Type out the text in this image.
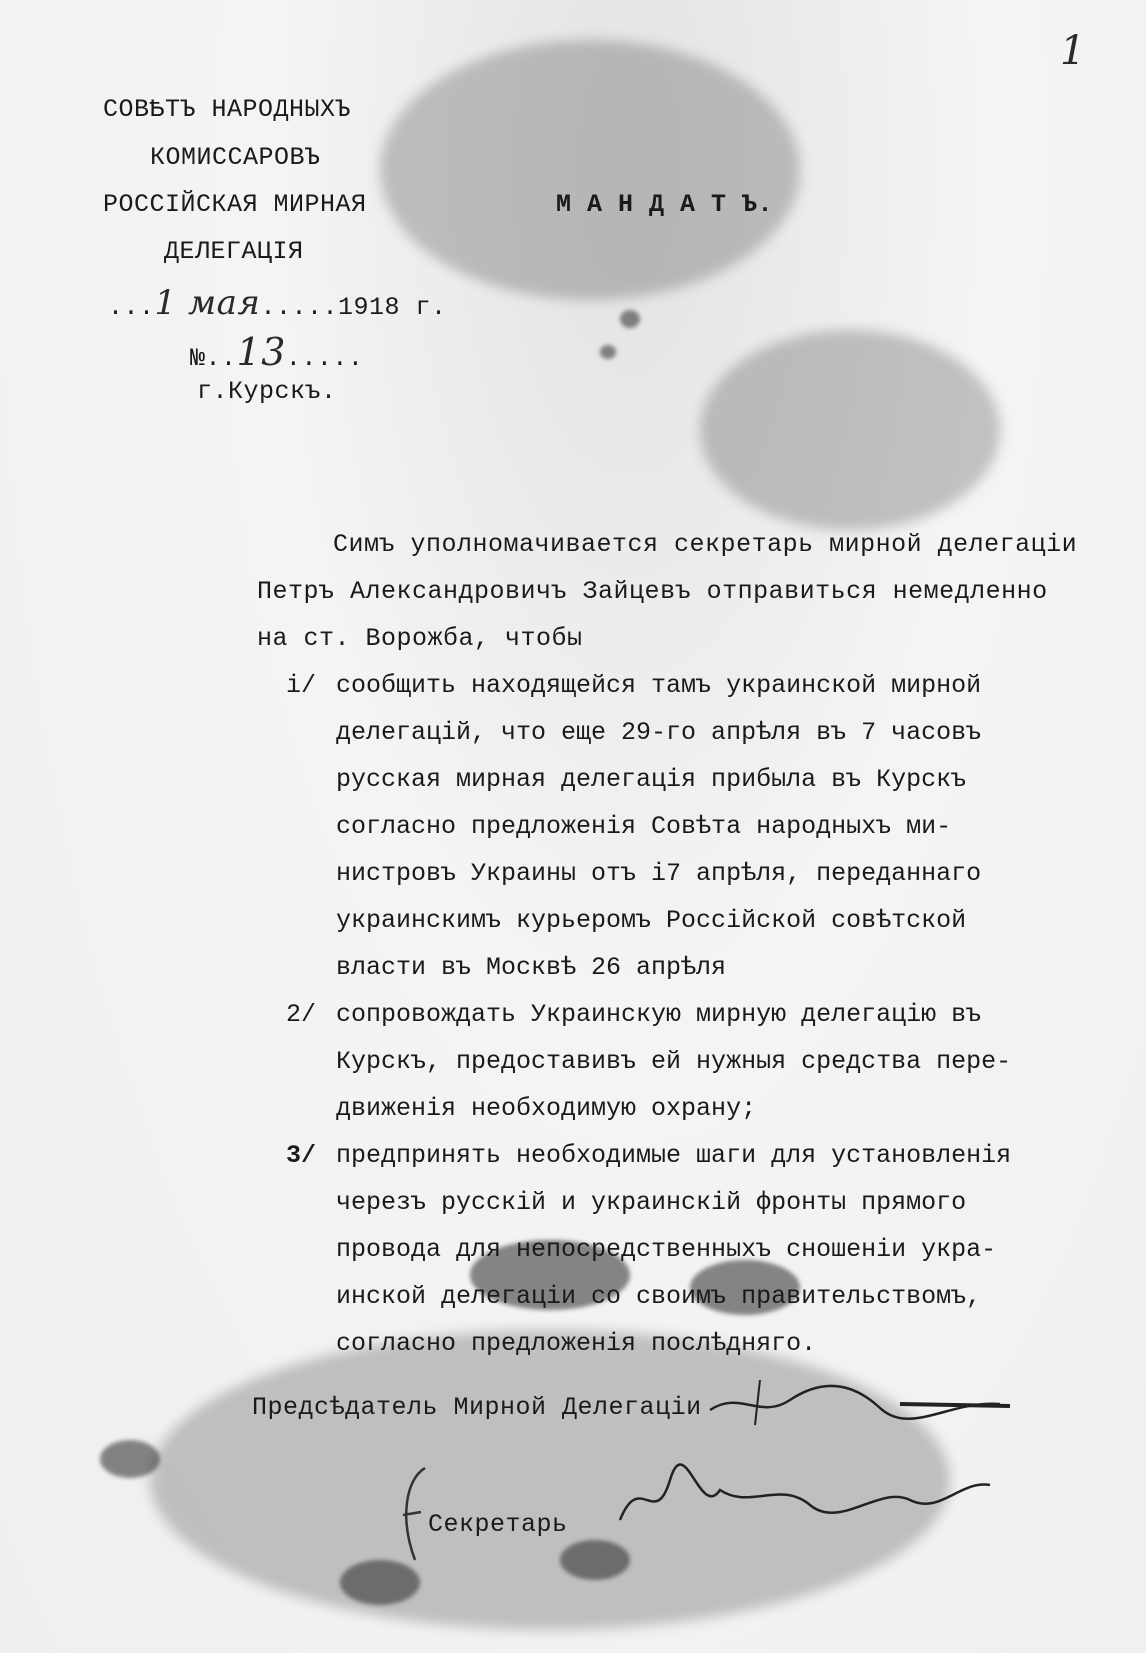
1
СОВѢТЪ НАРОДНЫХЪ
КОМИССАРОВЪ
РОССІЙСКАЯ МИРНАЯ
ДЕЛЕГАЦІЯ
М А Н Д А Т Ъ.
...1 мая.....1918 г.
№..13.....
г.Курскъ.
Симъ уполномачивается секретарь мирной делегаціи
Петръ Александровичъ Зайцевъ отправиться немедленно
на ст. Ворожба, чтобы
і/ сообщить находящейся тамъ украинской мирной
делегацій, что еще 29-го апрѣля въ 7 часовъ
русская мирная делегація прибыла въ Курскъ
согласно предложенія Совѣта народныхъ ми-
нистровъ Украины отъ і7 апрѣля, переданнаго
украинскимъ курьеромъ Россійской совѣтской
власти въ Москвѣ 26 апрѣля
2/ сопровождать Украинскую мирную делегацію въ
Курскъ, предоставивъ ей нужныя средства пере-
движенія необходимую охрану;
3/ предпринять необходимые шаги для установленія
черезъ русскій и украинскій фронты прямого
провода для непосредственныхъ сношеніи укра-
инской делегаціи со своимъ правительствомъ,
согласно предложенія послѣдняго.
Предсѣдатель Мирной Делегаціи
Секретарь
